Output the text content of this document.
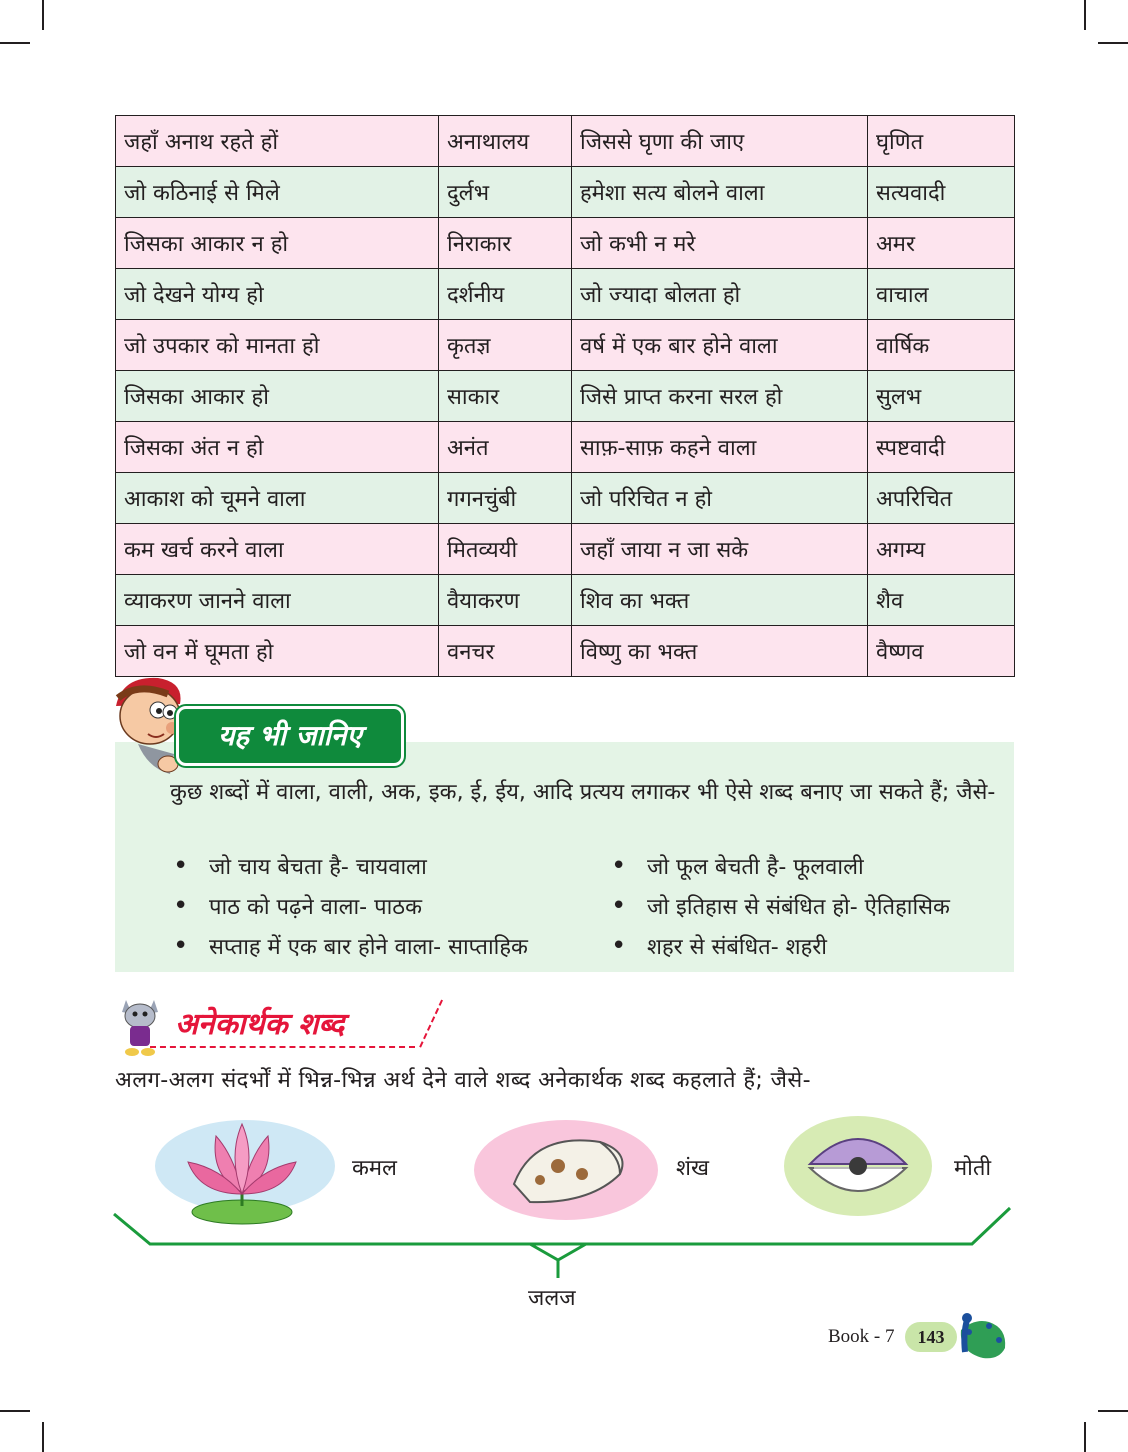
जहाँ अनाथ रहते हों	अनाथालय	जिससे घृणा की जाए	घृणित
जो कठिनाई से मिले	दुर्लभ	हमेशा सत्य बोलने वाला	सत्यवादी
जिसका आकार न हो	निराकार	जो कभी न मरे	अमर
जो देखने योग्य हो	दर्शनीय	जो ज्यादा बोलता हो	वाचाल
जो उपकार को मानता हो	कृतज्ञ	वर्ष में एक बार होने वाला	वार्षिक
जिसका आकार हो	साकार	जिसे प्राप्त करना सरल हो	सुलभ
जिसका अंत न हो	अनंत	साफ़-साफ़ कहने वाला	स्पष्टवादी
आकाश को चूमने वाला	गगनचुंबी	जो परिचित न हो	अपरिचित
कम खर्च करने वाला	मितव्ययी	जहाँ जाया न जा सके	अगम्य
व्याकरण जानने वाला	वैयाकरण	शिव का भक्त	शैव
जो वन में घूमता हो	वनचर	विष्णु का भक्त	वैष्णव
कुछ शब्दों में वाला, वाली, अक, इक, ई, ईय, आदि प्रत्यय लगाकर भी ऐसे शब्द बनाए जा सकते हैं; जैसे-
• जो चाय बेचता है- चायवाला
• पाठ को पढ़ने वाला- पाठक
• सप्ताह में एक बार होने वाला- साप्ताहिक
• जो फूल बेचती है- फूलवाली
• जो इतिहास से संबंधित हो- ऐतिहासिक
• शहर से संबंधित- शहरी
यह भी जानिए
अनेकार्थक शब्द
अलग-अलग संदर्भों में भिन्न-भिन्न अर्थ देने वाले शब्द अनेकार्थक शब्द कहलाते हैं; जैसे-
कमल	शंख	मोती
जलज
Book - 7	143
